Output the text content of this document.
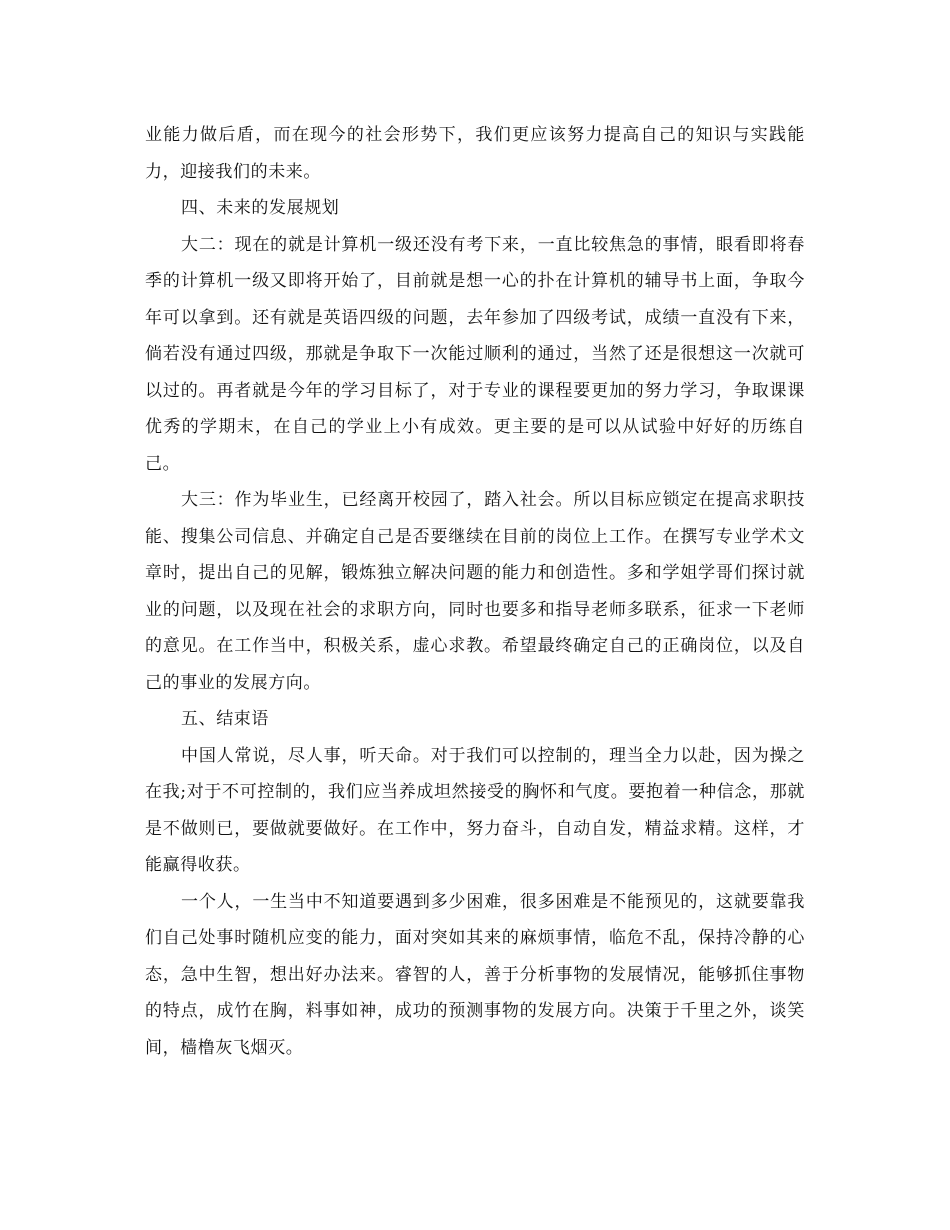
业能力做后盾，而在现今的社会形势下，我们更应该努力提高自己的知识与实践能力，迎接我们的未来。

四、未来的发展规划

大二：现在的就是计算机一级还没有考下来，一直比较焦急的事情，眼看即将春季的计算机一级又即将开始了，目前就是想一心的扑在计算机的辅导书上面，争取今年可以拿到。还有就是英语四级的问题，去年参加了四级考试，成绩一直没有下来，倘若没有通过四级，那就是争取下一次能过顺利的通过，当然了还是很想这一次就可以过的。再者就是今年的学习目标了，对于专业的课程要更加的努力学习，争取课课优秀的学期末，在自己的学业上小有成效。更主要的是可以从试验中好好的历练自己。

大三：作为毕业生，已经离开校园了，踏入社会。所以目标应锁定在提高求职技能、搜集公司信息、并确定自己是否要继续在目前的岗位上工作。在撰写专业学术文章时，提出自己的见解，锻炼独立解决问题的能力和创造性。多和学姐学哥们探讨就业的问题，以及现在社会的求职方向，同时也要多和指导老师多联系，征求一下老师的意见。在工作当中，积极关系，虚心求教。希望最终确定自己的正确岗位，以及自己的事业的发展方向。

五、结束语

中国人常说，尽人事，听天命。对于我们可以控制的，理当全力以赴，因为操之在我;对于不可控制的，我们应当养成坦然接受的胸怀和气度。要抱着一种信念，那就是不做则已，要做就要做好。在工作中，努力奋斗，自动自发，精益求精。这样，才能赢得收获。

一个人，一生当中不知道要遇到多少困难，很多困难是不能预见的，这就要靠我们自己处事时随机应变的能力，面对突如其来的麻烦事情，临危不乱，保持冷静的心态，急中生智，想出好办法来。睿智的人，善于分析事物的发展情况，能够抓住事物的特点，成竹在胸，料事如神，成功的预测事物的发展方向。决策于千里之外，谈笑间，樯橹灰飞烟灭。
